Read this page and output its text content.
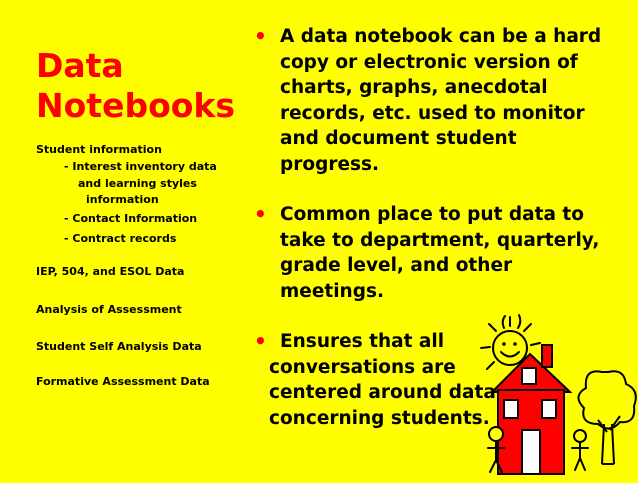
Data
Notebooks
Student information
- Interest inventory data
and learning styles
information
- Contact Information
- Contract records
IEP, 504, and ESOL Data
Analysis of Assessment
Student Self Analysis Data
Formative Assessment Data
• A data notebook can be a hard
copy or electronic version of
charts, graphs, anecdotal
records, etc. used to monitor
and document student
progress.
• Common place to put data to
take to department, quarterly,
grade level, and other
meetings.
• Ensures that all
conversations are
centered around data
concerning students.
